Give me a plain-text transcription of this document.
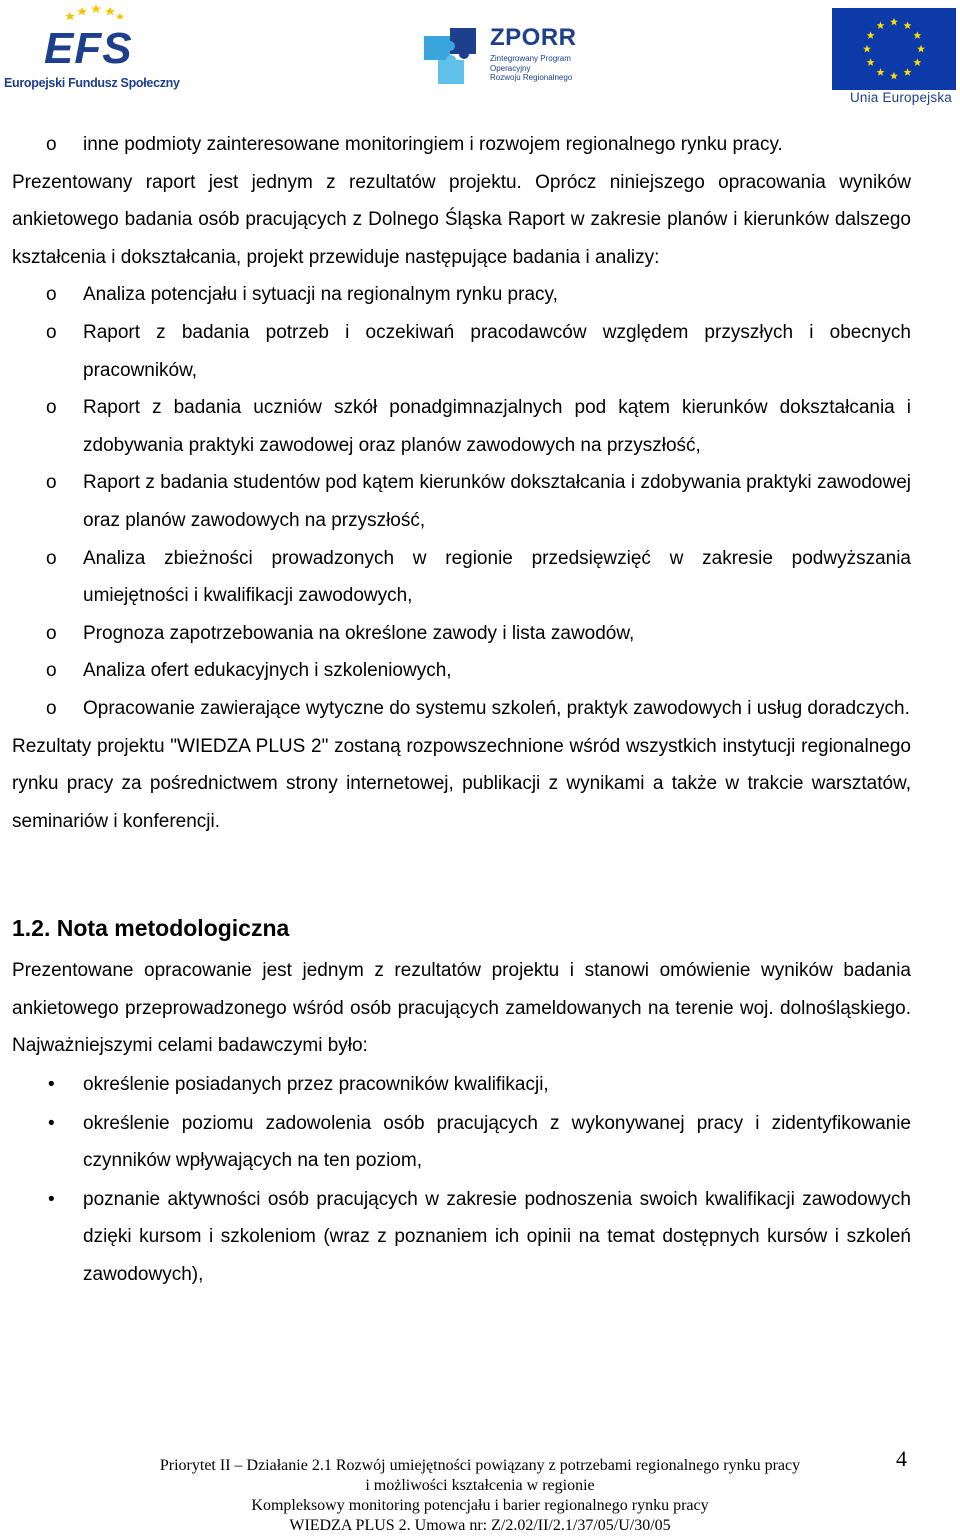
EFS
Europejski Fundusz Społeczny
ZPORR
Zintegrowany Program
Operacyjny
Rozwoju Regionalnego
Unia Europejska
o inne podmioty zainteresowane monitoringiem i rozwojem regionalnego rynku pracy.

Prezentowany raport jest jednym z rezultatów projektu. Oprócz niniejszego opracowania wyników ankietowego badania osób pracujących z Dolnego Śląska Raport w zakresie planów i kierunków dalszego kształcenia i dokształcania, projekt przewiduje następujące badania i analizy:

o Analiza potencjału i sytuacji na regionalnym rynku pracy,
o Raport z badania potrzeb i oczekiwań pracodawców względem przyszłych i obecnych pracowników,
o Raport z badania uczniów szkół ponadgimnazjalnych pod kątem kierunków dokształcania i zdobywania praktyki zawodowej oraz planów zawodowych na przyszłość,
o Raport z badania studentów pod kątem kierunków dokształcania i zdobywania praktyki zawodowej oraz planów zawodowych na przyszłość,
o Analiza zbieżności prowadzonych w regionie przedsięwzięć w zakresie podwyższania umiejętności i kwalifikacji zawodowych,
o Prognoza zapotrzebowania na określone zawody i lista zawodów,
o Analiza ofert edukacyjnych i szkoleniowych,
o Opracowanie zawierające wytyczne do systemu szkoleń, praktyk zawodowych i usług doradczych.

Rezultaty projektu "WIEDZA PLUS 2" zostaną rozpowszechnione wśród wszystkich instytucji regionalnego rynku pracy za pośrednictwem strony internetowej, publikacji z wynikami a także w trakcie warsztatów, seminariów i konferencji.

1.2. Nota metodologiczna

Prezentowane opracowanie jest jednym z rezultatów projektu i stanowi omówienie wyników badania ankietowego przeprowadzonego wśród osób pracujących zameldowanych na terenie woj. dolnośląskiego. Najważniejszymi celami badawczymi było:

• określenie posiadanych przez pracowników kwalifikacji,
• określenie poziomu zadowolenia osób pracujących z wykonywanej pracy i zidentyfikowanie czynników wpływających na ten poziom,
• poznanie aktywności osób pracujących w zakresie podnoszenia swoich kwalifikacji zawodowych dzięki kursom i szkoleniom (wraz z poznaniem ich opinii na temat dostępnych kursów i szkoleń zawodowych),
Priorytet II – Działanie 2.1 Rozwój umiejętności powiązany z potrzebami regionalnego rynku pracy
i możliwości kształcenia w regionie
Kompleksowy monitoring potencjału i barier regionalnego rynku pracy
WIEDZA PLUS 2. Umowa nr: Z/2.02/II/2.1/37/05/U/30/05
4
